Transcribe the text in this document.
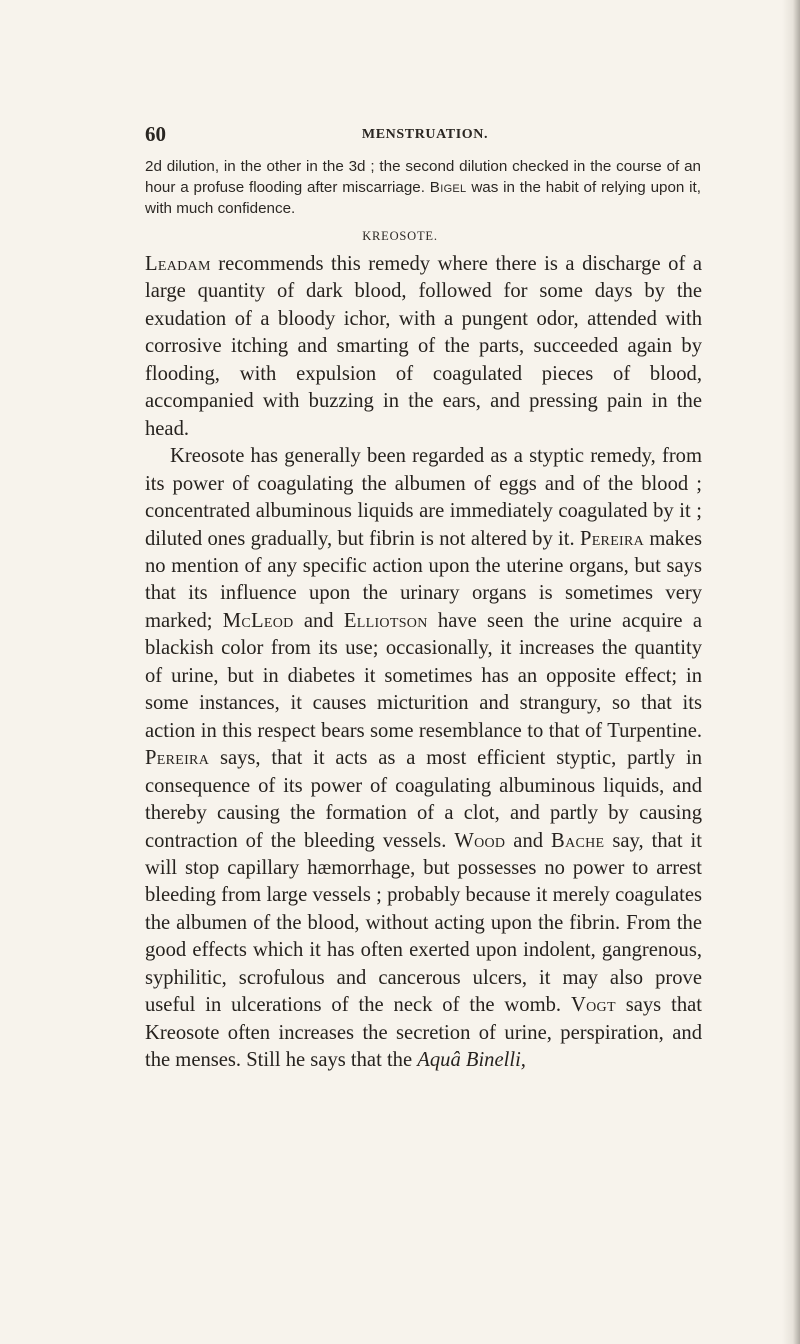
60	MENSTRUATION.

2d dilution, in the other in the 3d ; the second dilution checked in the course of an hour a profuse flooding after miscarriage. Bigel was in the habit of relying upon it, with much confidence.

KREOSOTE.

Leadam recommends this remedy where there is a discharge of a large quantity of dark blood, followed for some days by the exudation of a bloody ichor, with a pungent odor, attended with corrosive itching and smarting of the parts, succeeded again by flooding, with expulsion of coagulated pieces of blood, accompanied with buzzing in the ears, and pressing pain in the head.

Kreosote has generally been regarded as a styptic remedy, from its power of coagulating the albumen of eggs and of the blood ; concentrated albuminous liquids are immediately coagulated by it ; diluted ones gradually, but fibrin is not altered by it. Pereira makes no mention of any specific action upon the uterine organs, but says that its influence upon the urinary organs is sometimes very marked; McLeod and Elliotson have seen the urine acquire a blackish color from its use; occasionally, it increases the quantity of urine, but in diabetes it sometimes has an opposite effect; in some instances, it causes micturition and strangury, so that its action in this respect bears some resemblance to that of Turpentine. Pereira says, that it acts as a most efficient styptic, partly in consequence of its power of coagulating albuminous liquids, and thereby causing the formation of a clot, and partly by causing contraction of the bleeding vessels. Wood and Bache say, that it will stop capillary hæmorrhage, but possesses no power to arrest bleeding from large vessels ; probably because it merely coagulates the albumen of the blood, without acting upon the fibrin. From the good effects which it has often exerted upon indolent, gangrenous, syphilitic, scrofulous and cancerous ulcers, it may also prove useful in ulcerations of the neck of the womb. Vogt says that Kreosote often increases the secretion of urine, perspiration, and the menses. Still he says that the Aquâ Binelli,
